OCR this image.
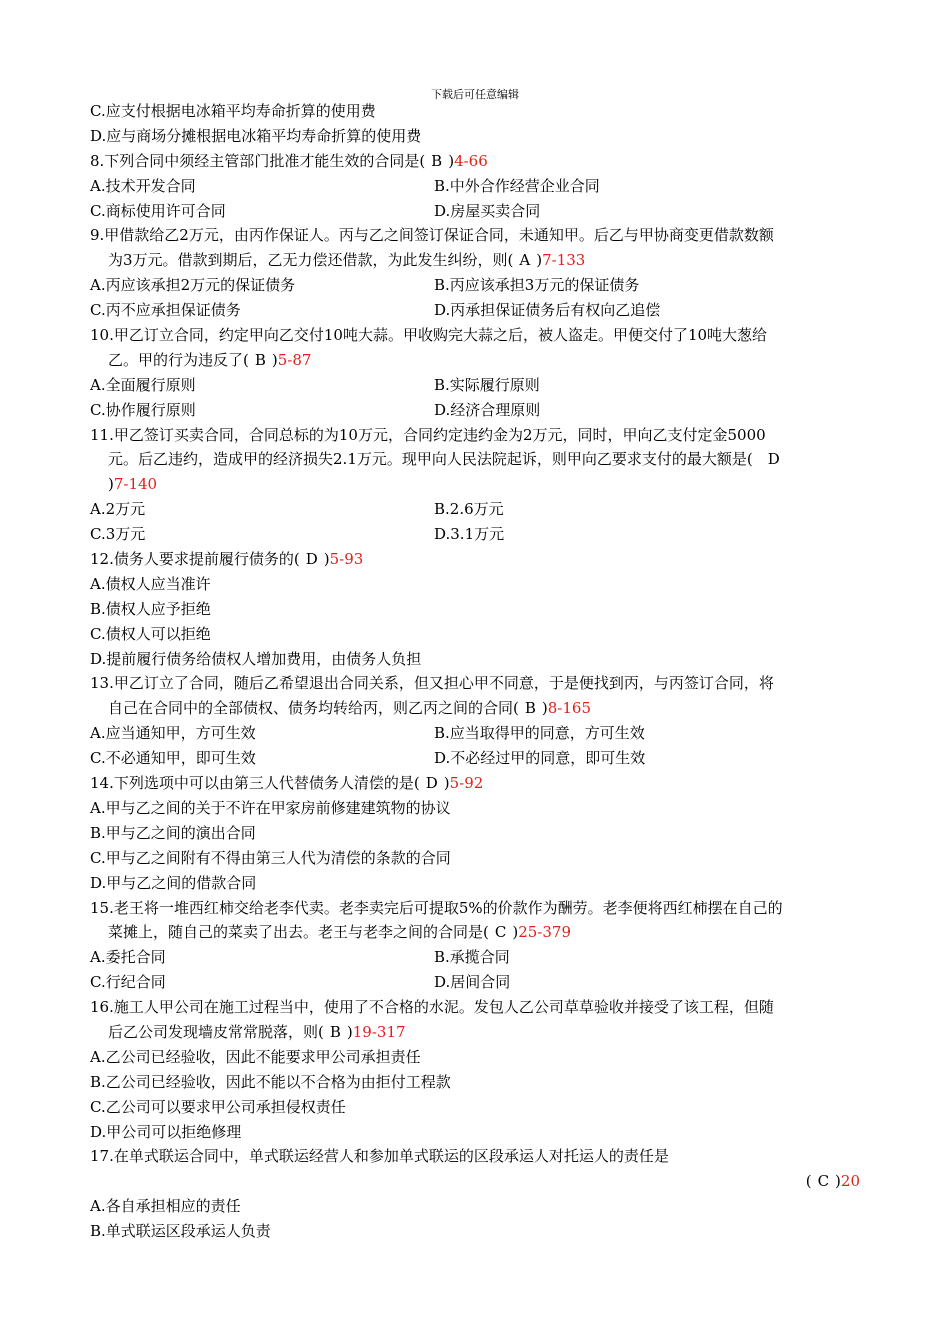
下载后可任意编辑
C.应支付根据电冰箱平均寿命折算的使用费
D.应与商场分摊根据电冰箱平均寿命折算的使用费
8.下列合同中须经主管部门批准才能生效的合同是( B )4-66
A.技术开发合同	B.中外合作经营企业合同
C.商标使用许可合同	D.房屋买卖合同
9.甲借款给乙2万元，由丙作保证人。丙与乙之间签订保证合同，未通知甲。后乙与甲协商变更借款数额
为3万元。借款到期后，乙无力偿还借款，为此发生纠纷，则( A )7-133
A.丙应该承担2万元的保证债务	B.丙应该承担3万元的保证债务
C.丙不应承担保证债务	D.丙承担保证债务后有权向乙追偿
10.甲乙订立合同，约定甲向乙交付10吨大蒜。甲收购完大蒜之后，被人盗走。甲便交付了10吨大葱给
乙。甲的行为违反了( B )5-87
A.全面履行原则	B.实际履行原则
C.协作履行原则	D.经济合理原则
11.甲乙签订买卖合同，合同总标的为10万元，合同约定违约金为2万元，同时，甲向乙支付定金5000
元。后乙违约，造成甲的经济损失2.1万元。现甲向人民法院起诉，则甲向乙要求支付的最大额是(　D
)7-140
A.2万元	B.2.6万元
C.3万元	D.3.1万元
12.债务人要求提前履行债务的( D )5-93
A.债权人应当准许
B.债权人应予拒绝
C.债权人可以拒绝
D.提前履行债务给债权人增加费用，由债务人负担
13.甲乙订立了合同，随后乙希望退出合同关系，但又担心甲不同意，于是便找到丙，与丙签订合同，将
自己在合同中的全部债权、债务均转给丙，则乙丙之间的合同( B )8-165
A.应当通知甲，方可生效	B.应当取得甲的同意，方可生效
C.不必通知甲，即可生效	D.不必经过甲的同意，即可生效
14.下列选项中可以由第三人代替债务人清偿的是( D )5-92
A.甲与乙之间的关于不许在甲家房前修建建筑物的协议
B.甲与乙之间的演出合同
C.甲与乙之间附有不得由第三人代为清偿的条款的合同
D.甲与乙之间的借款合同
15.老王将一堆西红柿交给老李代卖。老李卖完后可提取5%的价款作为酬劳。老李便将西红柿摆在自己的
菜摊上，随自己的菜卖了出去。老王与老李之间的合同是( C )25-379
A.委托合同	B.承揽合同
C.行纪合同	D.居间合同
16.施工人甲公司在施工过程当中，使用了不合格的水泥。发包人乙公司草草验收并接受了该工程，但随
后乙公司发现墙皮常常脱落，则( B )19-317
A.乙公司已经验收，因此不能要求甲公司承担责任
B.乙公司已经验收，因此不能以不合格为由拒付工程款
C.乙公司可以要求甲公司承担侵权责任
D.甲公司可以拒绝修理
17.在单式联运合同中，单式联运经营人和参加单式联运的区段承运人对托运人的责任是
( C )20
A.各自承担相应的责任
B.单式联运区段承运人负责
